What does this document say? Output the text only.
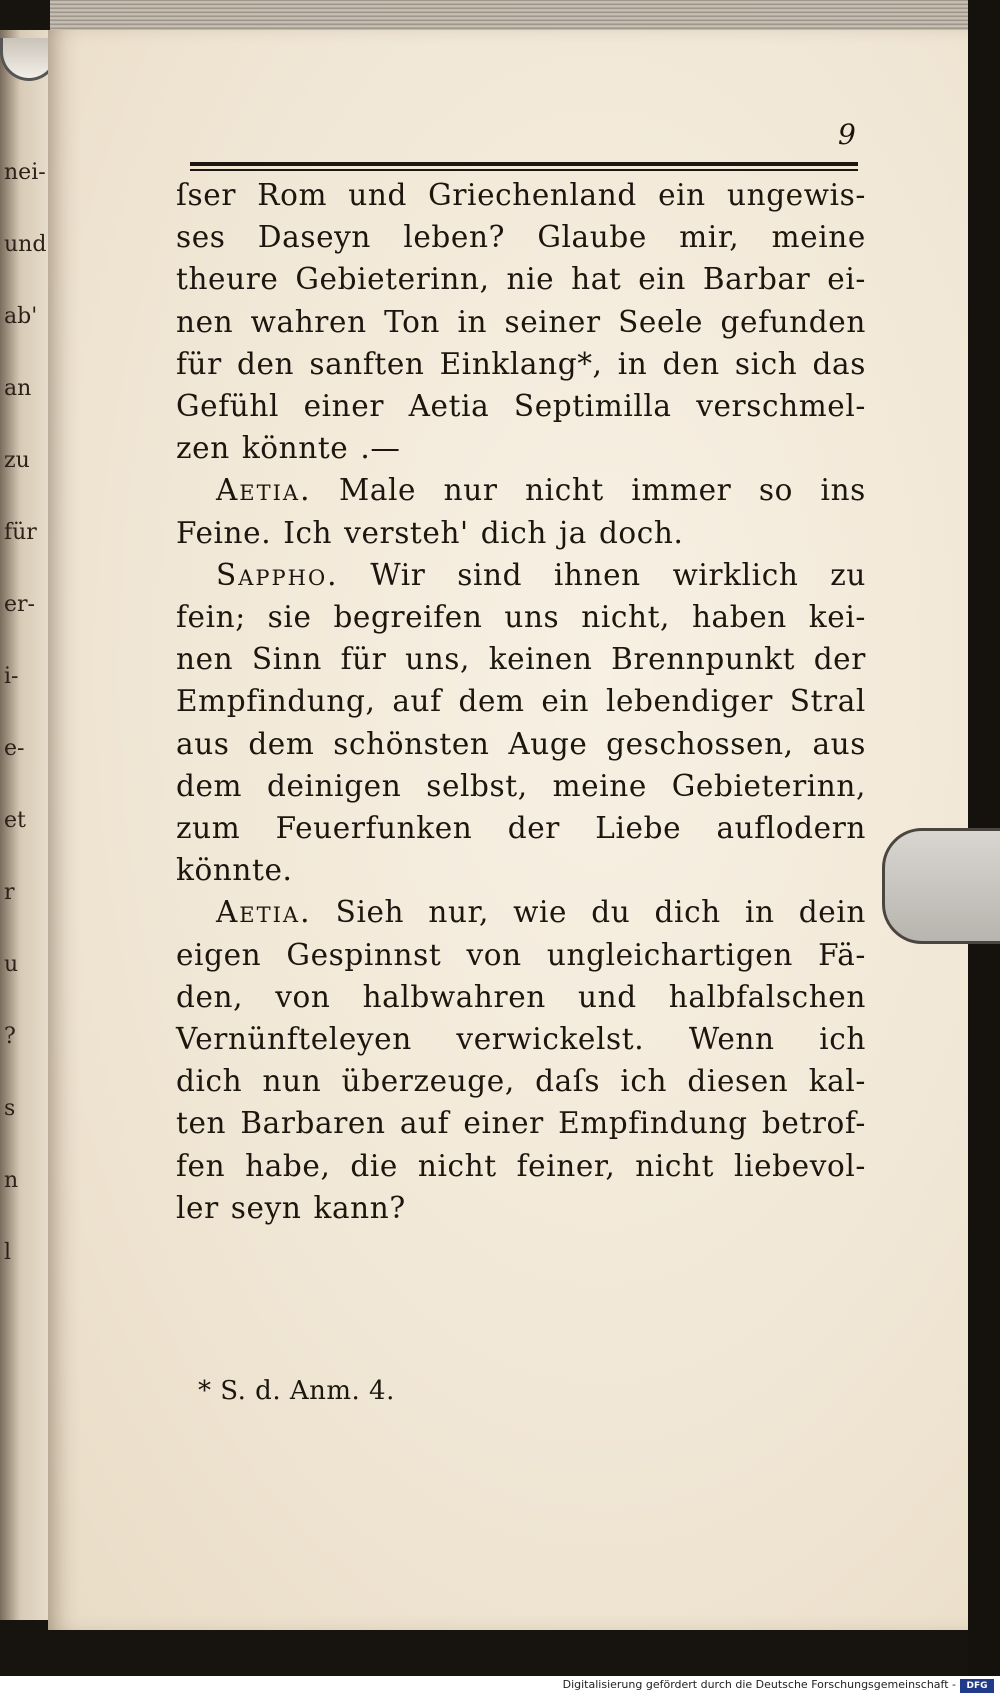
nei-
und
ab'
an
zu
für
er-
i-
e-
et
r
u
?
s
n
l
9
ſser Rom und Griechenland ein ungewis-
ses Daseyn leben? Glaube mir, meine
theure Gebieterinn, nie hat ein Barbar ei-
nen wahren Ton in seiner Seele gefunden
für den sanften Einklang*, in den sich das
Gefühl einer Aetia Septimilla verschmel-
zen könnte .—
Aetia. Male nur nicht immer so ins
Feine. Ich versteh' dich ja doch.
Sappho. Wir sind ihnen wirklich zu
fein; sie begreifen uns nicht, haben kei-
nen Sinn für uns, keinen Brennpunkt der
Empfindung, auf dem ein lebendiger Stral
aus dem schönsten Auge geschossen, aus
dem deinigen selbst, meine Gebieterinn,
zum Feuerfunken der Liebe auflodern
könnte.
Aetia. Sieh nur, wie du dich in dein
eigen Gespinnst von ungleichartigen Fä-
den, von halbwahren und halbfalschen
Vernünfteleyen verwickelst. Wenn ich
dich nun überzeuge, daſs ich diesen kal-
ten Barbaren auf einer Empfindung betrof-
fen habe, die nicht feiner, nicht liebevol-
ler seyn kann?
* S. d. Anm. 4.
Digitalisierung gefördert durch die Deutsche Forschungsgemeinschaft -	DFG
